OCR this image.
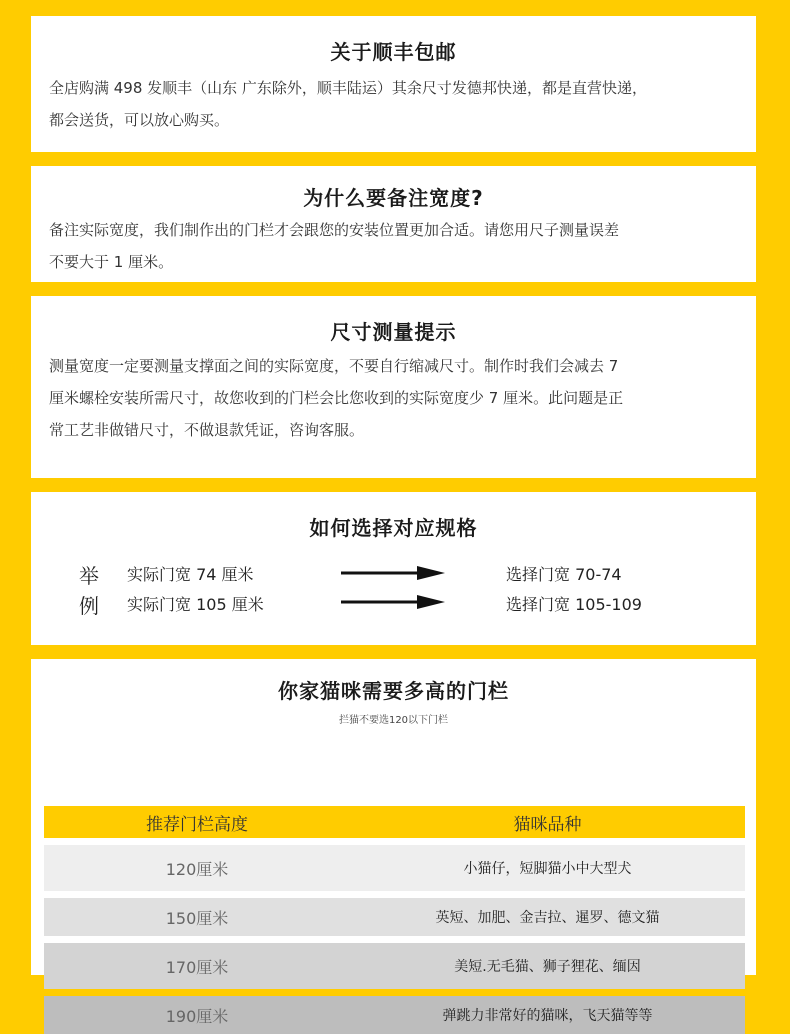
关于顺丰包邮
全店购满 498 发顺丰（山东 广东除外，顺丰陆运）其余尺寸发德邦快递，都是直营快递，
都会送货，可以放心购买。
为什么要备注宽度?
备注实际宽度，我们制作出的门栏才会跟您的安装位置更加合适。请您用尺子测量误差
不要大于 1 厘米。
尺寸测量提示
测量宽度一定要测量支撑面之间的实际宽度，不要自行缩减尺寸。制作时我们会减去 7
厘米螺栓安装所需尺寸，故您收到的门栏会比您收到的实际宽度少 7 厘米。此问题是正
常工艺非做错尺寸，不做退款凭证，咨询客服。
如何选择对应规格
举
例
实际门宽 74 厘米	选择门宽 70-74
实际门宽 105 厘米	选择门宽 105-109
你家猫咪需要多高的门栏
拦猫不要选120以下门栏
推荐门栏高度	猫咪品种
120厘米	小猫仔，短脚猫小中大型犬
150厘米	英短、加肥、金吉拉、暹罗、德文猫
170厘米	美短.无毛猫、狮子狸花、缅因
190厘米	弹跳力非常好的猫咪，飞天猫等等
